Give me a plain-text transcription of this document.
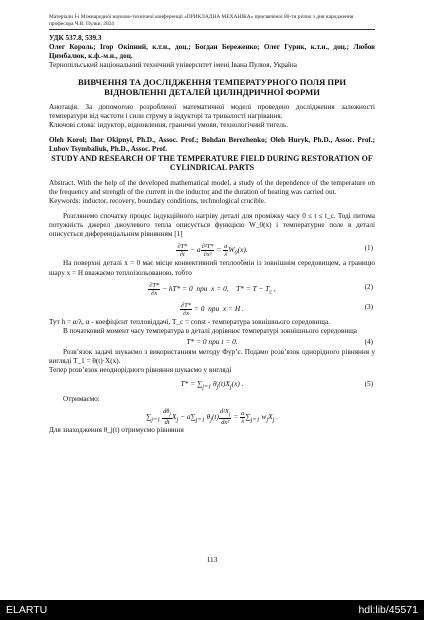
Матеріали I-і Міжнародної науково-технічної конференції «ПРИКЛАДНА МЕХАНІКА» присвяченої 80-ти річчю з дня народження професора Ч.В. Пулки, 2024

УДК 537.8, 539.3

Олег Король; Ігор Окіпний, к.т.н., доц.; Богдан Береженко; Олег Гурик, к.т.н., доц.; Любов Цимбалюк, к.ф.-м.н., доц.

Тернопільський національний технічний університет імені Івана Пулюя, Україна

ВИВЧЕННЯ ТА ДОСЛІДЖЕННЯ ТЕМПЕРАТУРНОГО ПОЛЯ ПРИ ВІДНОВЛЕННІ ДЕТАЛЕЙ ЦИЛІНДРИЧНОЇ ФОРМИ

Анотація. За допомогою розробленої математичної моделі проведено дослідження залежності температури від частоти і сили струму в індукторі та тривалості нагрівання.

Ключові слова: індуктор, відновлення, граничні умови, технологічний тигель.

Oleh Korol; Ihor Okipnyi, Ph.D., Assoc. Prof.; Bohdan Berezhenko; Oleh Huryk, Ph.D., Assoc. Prof.; Lubov Tsymbaliuk, Ph.D., Assoc. Prof.

STUDY AND RESEARCH OF THE TEMPERATURE FIELD DURING RESTORATION OF CYLINDRICAL PARTS

Abstract. With the help of the developed mathematical model, a study of the dependence of the temperature on the frequency and strength of the current in the inductor and the duration of heating was carried out.

Keywords: inductor, recovery, boundary conditions, technological crucible.

Розглянемо спочатку процес індукційного нагріву деталі для проміжку часу 0 ≤ t ≤ t_c. Тоді питома потужність джерел джоулевого тепла описується функцією W_0(x) і температурне поле в деталі описується диференціальним рівнянням [1]

$\frac{\partial T*}{\partial t} - a \frac{\text{∂²T*}}{\text{∂x²}} = \frac{a}{\lambda} W_0(x)$.	(1)

На поверхні деталі x = 0 має місце конвективний теплообмін із зовнішнім середовищем, а границю шару x = H вважаємо теплоізольованою, тобто

$\frac{\partial T*}{\partial x} - hT* = 0$  при  x = 0,    $T* = T - T_c$ ,	(2)
$\frac{\partial T*}{\partial x} = 0$  при  x = H .	(3)

Тут h = α/λ, α - коефіцієнт тепловіддачі, T_c = const - температура зовнішнього середовища.

В початковий момент часу температура в деталі дорівнює температурі зовнішнього середовища

T* = 0 при t = 0.	(4)

Розв’язок задачі шукаємо з використанням методу Фур’є. Подамо розв’язок однорідного рівняння у вигляді T_1 = θ(t)·X(x).

Тепер розв’язок неоднорідного рівняння шукаємо у вигляді

$T* = \sum_{j=1}$ $\theta_j(t)X_j(x)$ .	(5)

Отримаємо:

$\sum_{j=1} \frac{d\theta_j}{dt} X_j - a\sum_{j=1}$ $\theta_j(t) \frac{d^2X_j}{\text{dx²}} = \frac{a}{\lambda} \sum_{j=1}$ $w_jX_j$ .

Для знаходження θ_j(t) отримуємо рівняння

113
ELARTU	hdl:lib/45571
